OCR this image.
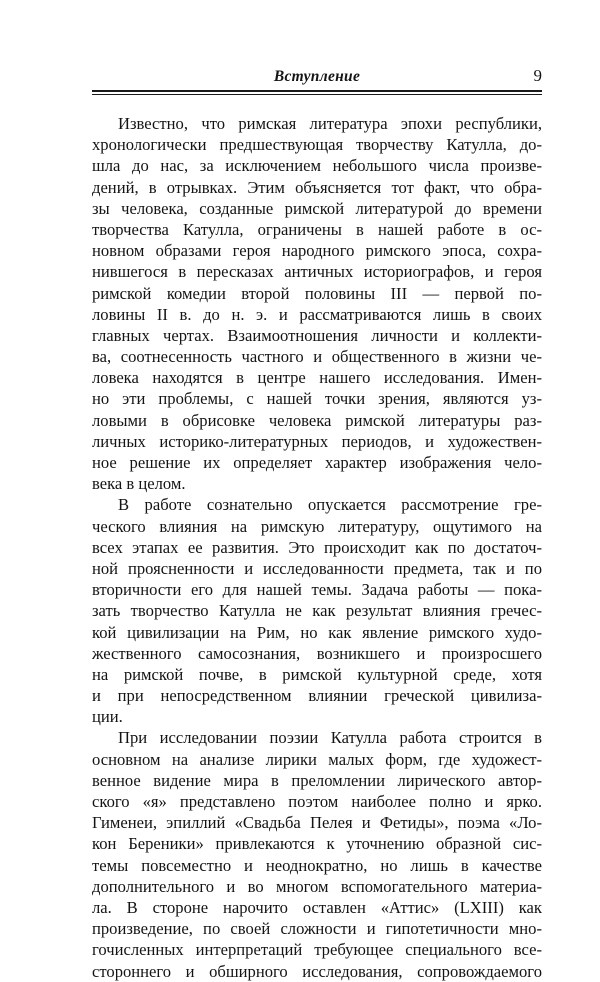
Вступление	9
Известно, что римская литература эпохи республики,
хронологически предшествующая творчеству Катулла, до-
шла до нас, за исключением небольшого числа произве-
дений, в отрывках. Этим объясняется тот факт, что обра-
зы человека, созданные римской литературой до времени
творчества Катулла, ограничены в нашей работе в ос-
новном образами героя народного римского эпоса, сохра-
нившегося в пересказах античных историографов, и героя
римской комедии второй половины III — первой по-
ловины II в. до н. э. и рассматриваются лишь в своих
главных чертах. Взаимоотношения личности и коллекти-
ва, соотнесенность частного и общественного в жизни че-
ловека находятся в центре нашего исследования. Имен-
но эти проблемы, с нашей точки зрения, являются уз-
ловыми в обрисовке человека римской литературы раз-
личных историко-литературных периодов, и художествен-
ное решение их определяет характер изображения чело-
века в целом.
В работе сознательно опускается рассмотрение гре-
ческого влияния на римскую литературу, ощутимого на
всех этапах ее развития. Это происходит как по достаточ-
ной проясненности и исследованности предмета, так и по
вторичности его для нашей темы. Задача работы — пока-
зать творчество Катулла не как результат влияния гречес-
кой цивилизации на Рим, но как явление римского худо-
жественного самосознания, возникшего и произросшего
на римской почве, в римской культурной среде, хотя
и при непосредственном влиянии греческой цивилиза-
ции.
При исследовании поэзии Катулла работа строится в
основном на анализе лирики малых форм, где художест-
венное видение мира в преломлении лирического автор-
ского «я» представлено поэтом наиболее полно и ярко.
Гименеи, эпиллий «Свадьба Пелея и Фетиды», поэма «Ло-
кон Береники» привлекаются к уточнению образной сис-
темы повсеместно и неоднократно, но лишь в качестве
дополнительного и во многом вспомогательного материа-
ла. В стороне нарочито оставлен «Аттис» (LXIII) как
произведение, по своей сложности и гипотетичности мно-
гочисленных интерпретаций требующее специального все-
стороннего и обширного исследования, сопровождаемого
